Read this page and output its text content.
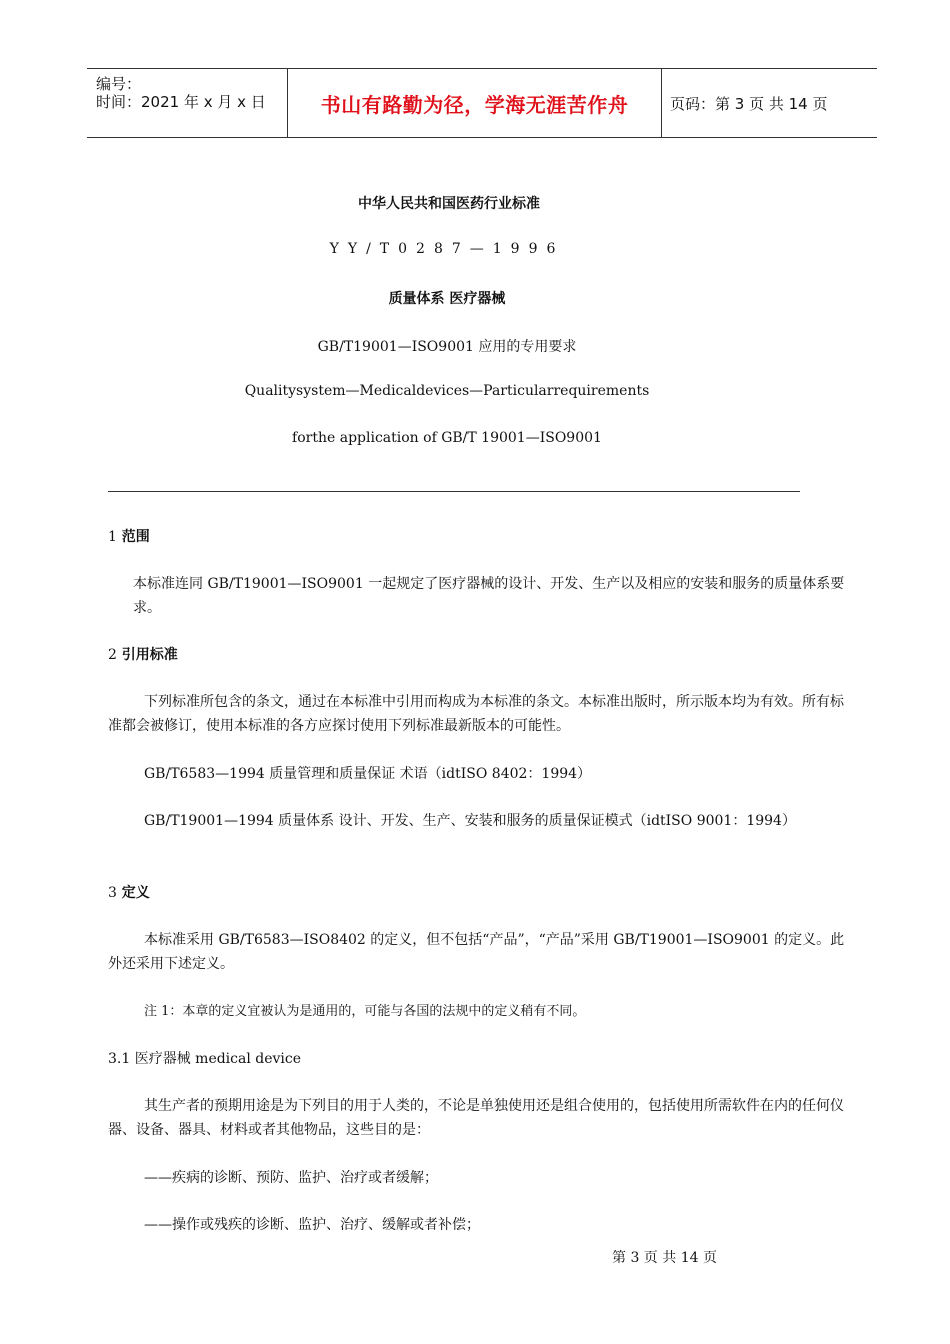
编号：
时间：2021 年 x 月 x 日	书山有路勤为径，学海无涯苦作舟	页码：第 3 页 共 14 页
中华人民共和国医药行业标准
YY/T0287—1996
质量体系 医疗器械
GB/T19001—ISO9001 应用的专用要求
Qualitysystem—Medicaldevices—Particularrequirements
forthe application of GB/T 19001—ISO9001
1 范围
本标准连同 GB/T19001—ISO9001 一起规定了医疗器械的设计、开发、生产以及相应的安装和服务的质量体系要求。
2 引用标准
下列标准所包含的条文，通过在本标准中引用而构成为本标准的条文。本标准出版时，所示版本均为有效。所有标准都会被修订，使用本标准的各方应探讨使用下列标准最新版本的可能性。
GB/T6583—1994 质量管理和质量保证 术语（idtISO 8402：1994）
GB/T19001—1994 质量体系 设计、开发、生产、安装和服务的质量保证模式（idtISO 9001：1994）
3 定义
本标准采用 GB/T6583—ISO8402 的定义，但不包括“产品”，“产品”采用 GB/T19001—ISO9001 的定义。此外还采用下述定义。
注 1：本章的定义宜被认为是通用的，可能与各国的法规中的定义稍有不同。
3.1 医疗器械 medical device
其生产者的预期用途是为下列目的用于人类的，不论是单独使用还是组合使用的，包括使用所需软件在内的任何仪器、设备、器具、材料或者其他物品，这些目的是：
——疾病的诊断、预防、监护、治疗或者缓解；
——操作或残疾的诊断、监护、治疗、缓解或者补偿；
第 3 页 共 14 页
